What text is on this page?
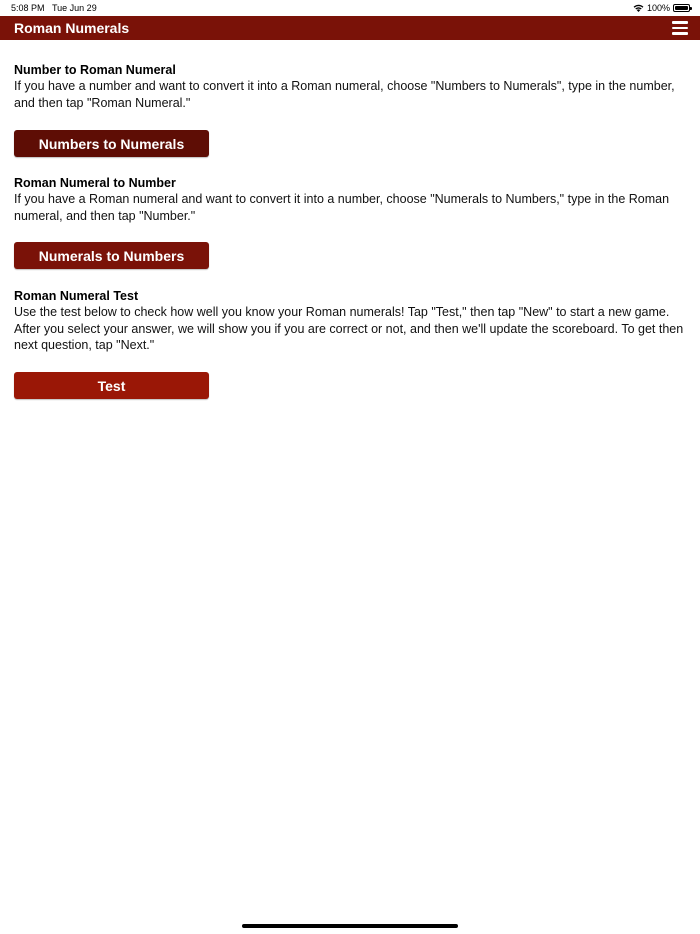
5:08 PM Tue Jun 29	100%
Roman Numerals
Number to Roman Numeral
If you have a number and want to convert it into a Roman numeral, choose "Numbers to Numerals", type in the number, and then tap "Roman Numeral."
Numbers to Numerals
Roman Numeral to Number
If you have a Roman numeral and want to convert it into a number, choose "Numerals to Numbers," type in the Roman numeral, and then tap "Number."
Numerals to Numbers
Roman Numeral Test
Use the test below to check how well you know your Roman numerals! Tap "Test," then tap "New" to start a new game. After you select your answer, we will show you if you are correct or not, and then we'll update the scoreboard. To get then next question, tap "Next."
Test
